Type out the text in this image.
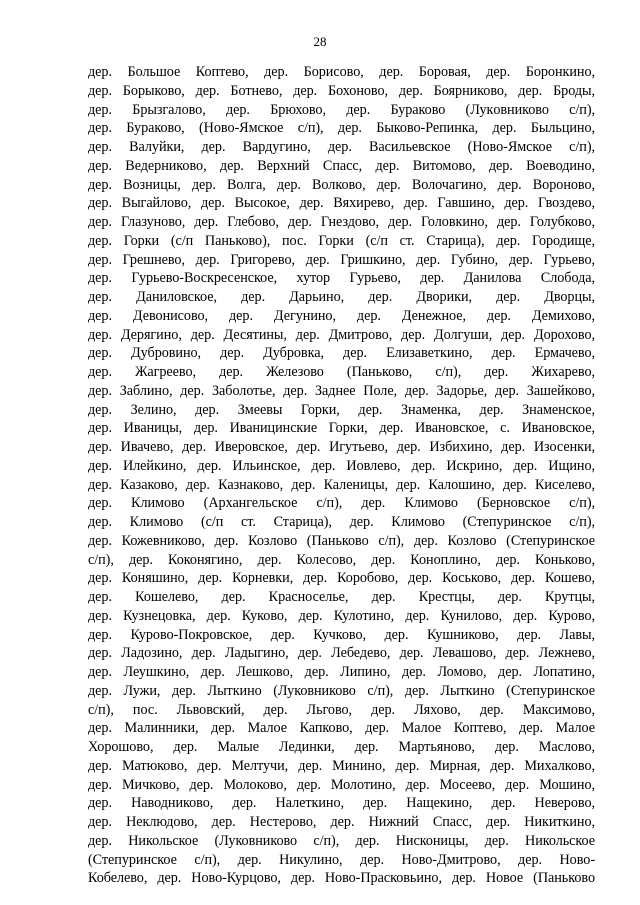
28
дер. Большое Коптево, дер. Борисово, дер. Боровая, дер. Боронкино,
дер. Борыково, дер. Ботнево, дер. Бохоново, дер. Боярниково, дер. Броды,
дер. Брызгалово, дер. Брюхово, дер. Бураково (Лукoвниково с/п),
дер. Бураково, (Ново-Ямское с/п), дер. Быково-Репинка, дер. Быльцино,
дер. Валуйки, дер. Вардугино, дер. Васильевское (Ново-Ямское с/п),
дер. Ведерниково, дер. Верхний Спасс, дер. Витомово, дер. Воеводино,
дер. Возницы, дер. Волга, дер. Волково, дер. Волочагино, дер. Вороново,
дер. Выгайлово, дер. Высокое, дер. Вяхирево, дер. Гавшино, дер. Гвоздево,
дер. Глазуново, дер. Глебово, дер. Гнездово, дер. Головкино, дер. Голубково,
дер. Горки (с/п Паньково), пос. Горки (с/п ст. Старица), дер. Городище,
дер. Грешнево, дер. Григорево, дер. Гришкино, дер. Губино, дер. Гурьево,
дер. Гурьево-Воскресенское, хутор Гурьево, дер. Данилова Слобода,
дер. Даниловское, дер. Дарьино, дер. Дворики, дер. Дворцы,
дер. Девонисово, дер. Дегунино, дер. Денежное, дер. Демихово,
дер. Дерягино, дер. Десятины, дер. Дмитрово, дер. Долгуши, дер. Дорохово,
дер. Дубровино, дер. Дубровка, дер. Елизаветкино, дер. Ермачево,
дер. Жагреево, дер. Железово (Паньково, с/п), дер. Жихарево,
дер. Заблино, дер. Заболотье, дер. Заднее Поле, дер. Задорье, дер. Зашейково,
дер. Зелино, дер. Змеевы Горки, дер. Знаменка, дер. Знаменское,
дер. Иваницы, дер. Иваницинские Горки, дер. Ивановское, с. Ивановское,
дер. Ивачево, дер. Иверовское, дер. Игутьево, дер. Избихино, дер. Изосенки,
дер. Илейкино, дер. Ильинское, дер. Иовлево, дер. Искрино, дер. Ищино,
дер. Казаково, дер. Казнаково, дер. Каленицы, дер. Калошино, дер. Киселево,
дер. Климово (Архангельское с/п), дер. Климово (Берновское с/п),
дер. Климово (с/п ст. Старица), дер. Климово (Степуринское с/п),
дер. Кожевниково, дер. Козлово (Паньково с/п), дер. Козлово (Степуринское
с/п), дер. Коконягино, дер. Колесово, дер. Коноплино, дер. Коньково,
дер. Коняшино, дер. Корневки, дер. Коробово, дер. Коськово, дер. Кошево,
дер. Кошелево, дер. Красноселье, дер. Крестцы, дер. Крутцы,
дер. Кузнецовка, дер. Куково, дер. Кулотино, дер. Кунилово, дер. Курово,
дер. Курово-Покровское, дер. Кучково, дер. Кушниково, дер. Лавы,
дер. Ладозино, дер. Ладыгино, дер. Лебедево, дер. Левашово, дер. Лежнево,
дер. Леушкино, дер. Лешково, дер. Липино, дер. Ломово, дер. Лопатино,
дер. Лужи, дер. Лыткино (Луковниково с/п), дер. Лыткино (Степуринское
с/п), пос. Львовский, дер. Льгово, дер. Ляхово, дер. Максимово,
дер. Малинники, дер. Малое Капково, дер. Малое Коптево, дер. Малое
Хорошово, дер. Малые Лединки, дер. Мартьяново, дер. Маслово,
дер. Матюково, дер. Мелтучи, дер. Минино, дер. Мирная, дер. Михалково,
дер. Мичково, дер. Молоково, дер. Молотино, дер. Мосеево, дер. Мошино,
дер. Наводниково, дер. Налеткино, дер. Нащекино, дер. Неверово,
дер. Неклюдово, дер. Нестерово, дер. Нижний Спасс, дер. Никиткино,
дер. Никольское (Луковниково с/п), дер. Нисконицы, дер. Никольское
(Степуринское с/п), дер. Никулино, дер. Ново-Дмитрово, дер. Ново-
Кобелево, дер. Ново-Курцово, дер. Ново-Прасковьино, дер. Новое (Паньково
